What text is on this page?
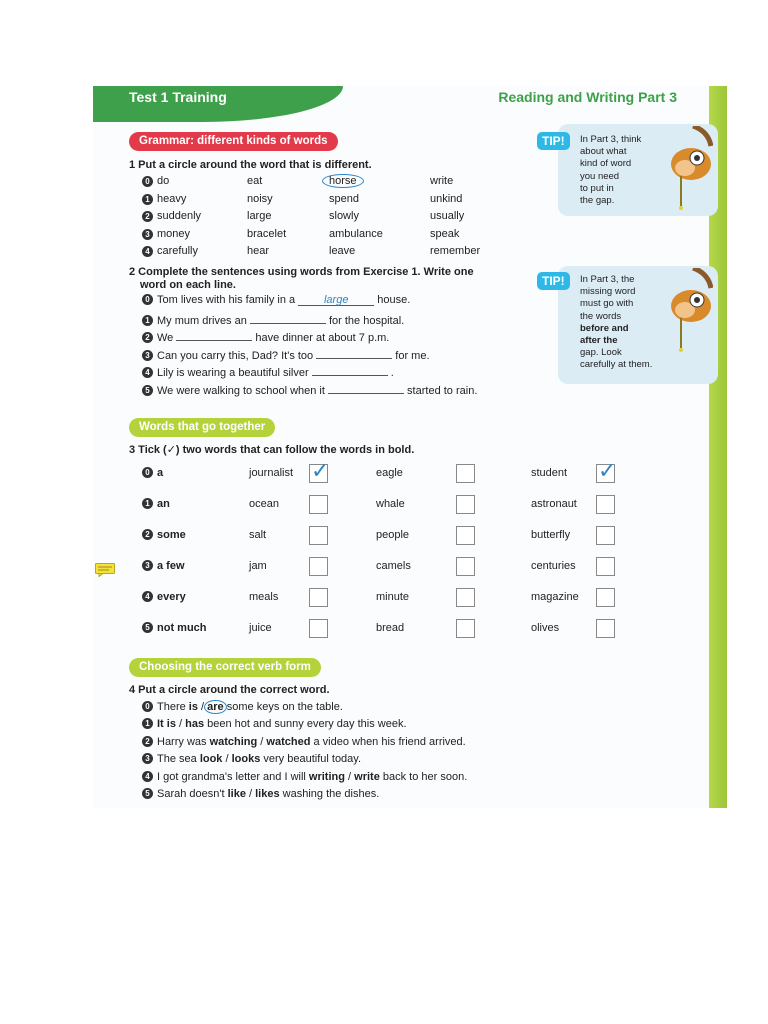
Test 1 Training	Reading and Writing Part 3
Grammar: different kinds of words
1 Put a circle around the word that is different.
0 do	eat	horse	write
1 heavy	noisy	spend	unkind
2 suddenly	large	slowly	usually
3 money	bracelet	ambulance	speak
4 carefully	hear	leave	remember
2 Complete the sentences using words from Exercise 1. Write one
word on each line.
0 Tom lives with his family in a large house.
1 My mum drives an	for the hospital.
2 We	have dinner at about 7 p.m.
3 Can you carry this, Dad? It's too	for me.
4 Lily is wearing a beautiful silver	.
5 We were walking to school when it	started to rain.
TIP!	In Part 3, think
about what
kind of word
you need
to put in
the gap.
TIP!	In Part 3, the
missing word
must go with
the words
before and
after the
gap. Look
carefully at them.
Words that go together
3 Tick (✓) two words that can follow the words in bold.
0 a	journalist ✓	eagle	student ✓
1 an	ocean	whale	astronaut
2 some	salt	people	butterfly
3 a few	jam	camels	centuries
4 every	meals	minute	magazine
5 not much	juice	bread	olives
Choosing the correct verb form
4 Put a circle around the correct word.
0 There is / are some keys on the table.
1 It is / has been hot and sunny every day this week.
2 Harry was watching / watched a video when his friend arrived.
3 The sea look / looks very beautiful today.
4 I got grandma's letter and I will writing / write back to her soon.
5 Sarah doesn't like / likes washing the dishes.
